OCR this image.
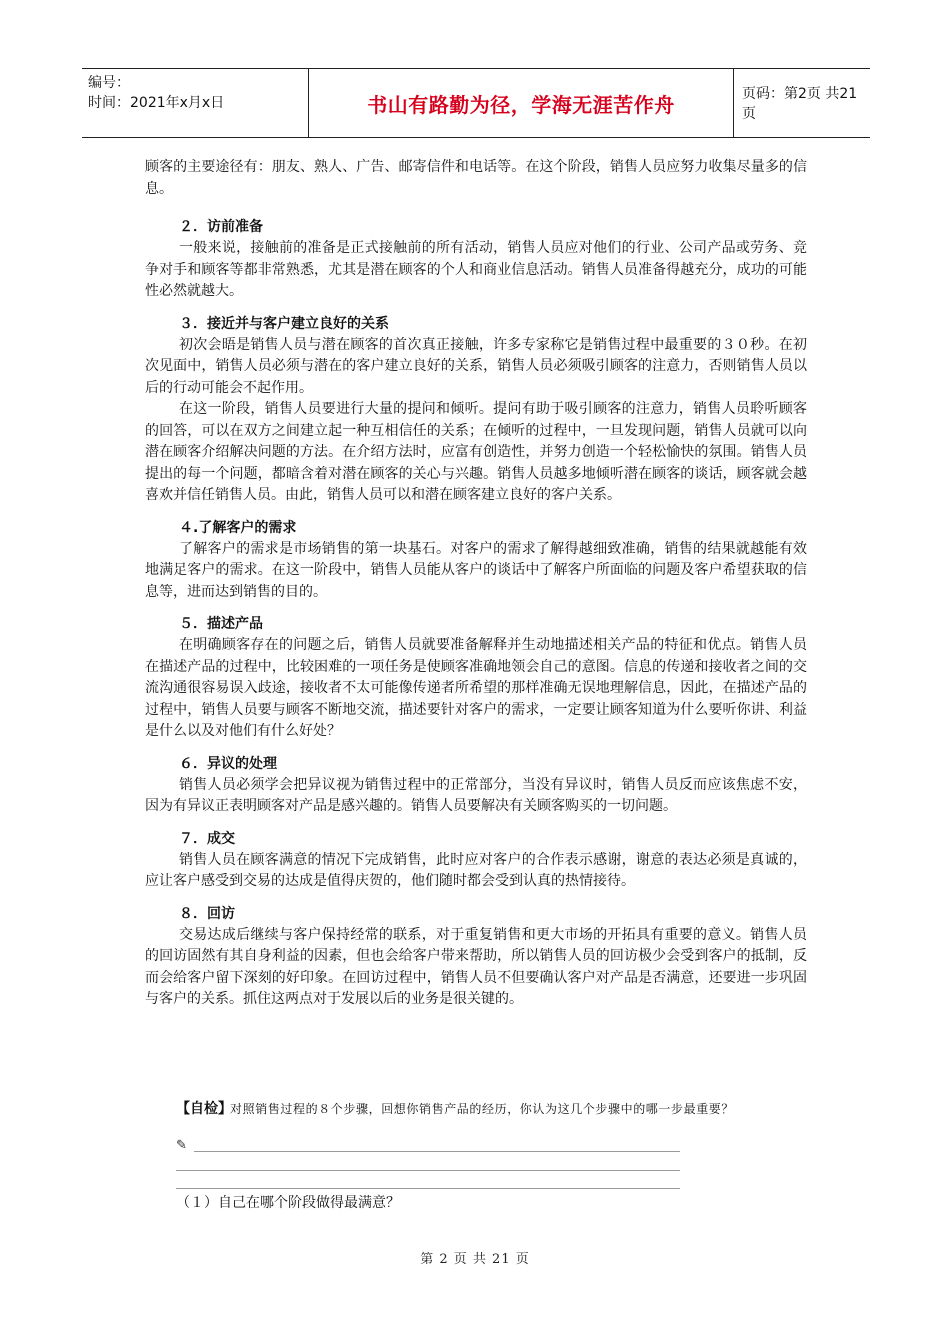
编号：
时间：2021年x月x日	书山有路勤为径，学海无涯苦作舟	页码：第2页 共21页

顾客的主要途径有：朋友、熟人、广告、邮寄信件和电话等。在这个阶段，销售人员应努力收集尽量多的信息。

２．访前准备

一般来说，接触前的准备是正式接触前的所有活动，销售人员应对他们的行业、公司产品或劳务、竞争对手和顾客等都非常熟悉，尤其是潜在顾客的个人和商业信息活动。销售人员准备得越充分，成功的可能性必然就越大。

３．接近并与客户建立良好的关系

初次会晤是销售人员与潜在顾客的首次真正接触，许多专家称它是销售过程中最重要的３０秒。在初次见面中，销售人员必须与潜在的客户建立良好的关系，销售人员必须吸引顾客的注意力，否则销售人员以后的行动可能会不起作用。

在这一阶段，销售人员要进行大量的提问和倾听。提问有助于吸引顾客的注意力，销售人员聆听顾客的回答，可以在双方之间建立起一种互相信任的关系；在倾听的过程中，一旦发现问题，销售人员就可以向潜在顾客介绍解决问题的方法。在介绍方法时，应富有创造性，并努力创造一个轻松愉快的氛围。销售人员提出的每一个问题，都暗含着对潜在顾客的关心与兴趣。销售人员越多地倾听潜在顾客的谈话，顾客就会越喜欢并信任销售人员。由此，销售人员可以和潜在顾客建立良好的客户关系。

４.了解客户的需求

了解客户的需求是市场销售的第一块基石。对客户的需求了解得越细致准确，销售的结果就越能有效地满足客户的需求。在这一阶段中，销售人员能从客户的谈话中了解客户所面临的问题及客户希望获取的信息等，进而达到销售的目的。

５．描述产品

在明确顾客存在的问题之后，销售人员就要准备解释并生动地描述相关产品的特征和优点。销售人员在描述产品的过程中，比较困难的一项任务是使顾客准确地领会自己的意图。信息的传递和接收者之间的交流沟通很容易误入歧途，接收者不太可能像传递者所希望的那样准确无误地理解信息，因此，在描述产品的过程中，销售人员要与顾客不断地交流，描述要针对客户的需求，一定要让顾客知道为什么要听你讲、利益是什么以及对他们有什么好处？

６．异议的处理

销售人员必须学会把异议视为销售过程中的正常部分，当没有异议时，销售人员反而应该焦虑不安，因为有异议正表明顾客对产品是感兴趣的。销售人员要解决有关顾客购买的一切问题。

７．成交

销售人员在顾客满意的情况下完成销售，此时应对客户的合作表示感谢，谢意的表达必须是真诚的，应让客户感受到交易的达成是值得庆贺的，他们随时都会受到认真的热情接待。

８．回访

交易达成后继续与客户保持经常的联系，对于重复销售和更大市场的开拓具有重要的意义。销售人员的回访固然有其自身利益的因素，但也会给客户带来帮助，所以销售人员的回访极少会受到客户的抵制，反而会给客户留下深刻的好印象。在回访过程中，销售人员不但要确认客户对产品是否满意，还要进一步巩固与客户的关系。抓住这两点对于发展以后的业务是很关键的。

【自检】
对照销售过程的８个步骤，回想你销售产品的经历，你认为这几个步骤中的哪一步最重要？
✎
（１）自己在哪个阶段做得最满意？
第 2 页 共 21 页
